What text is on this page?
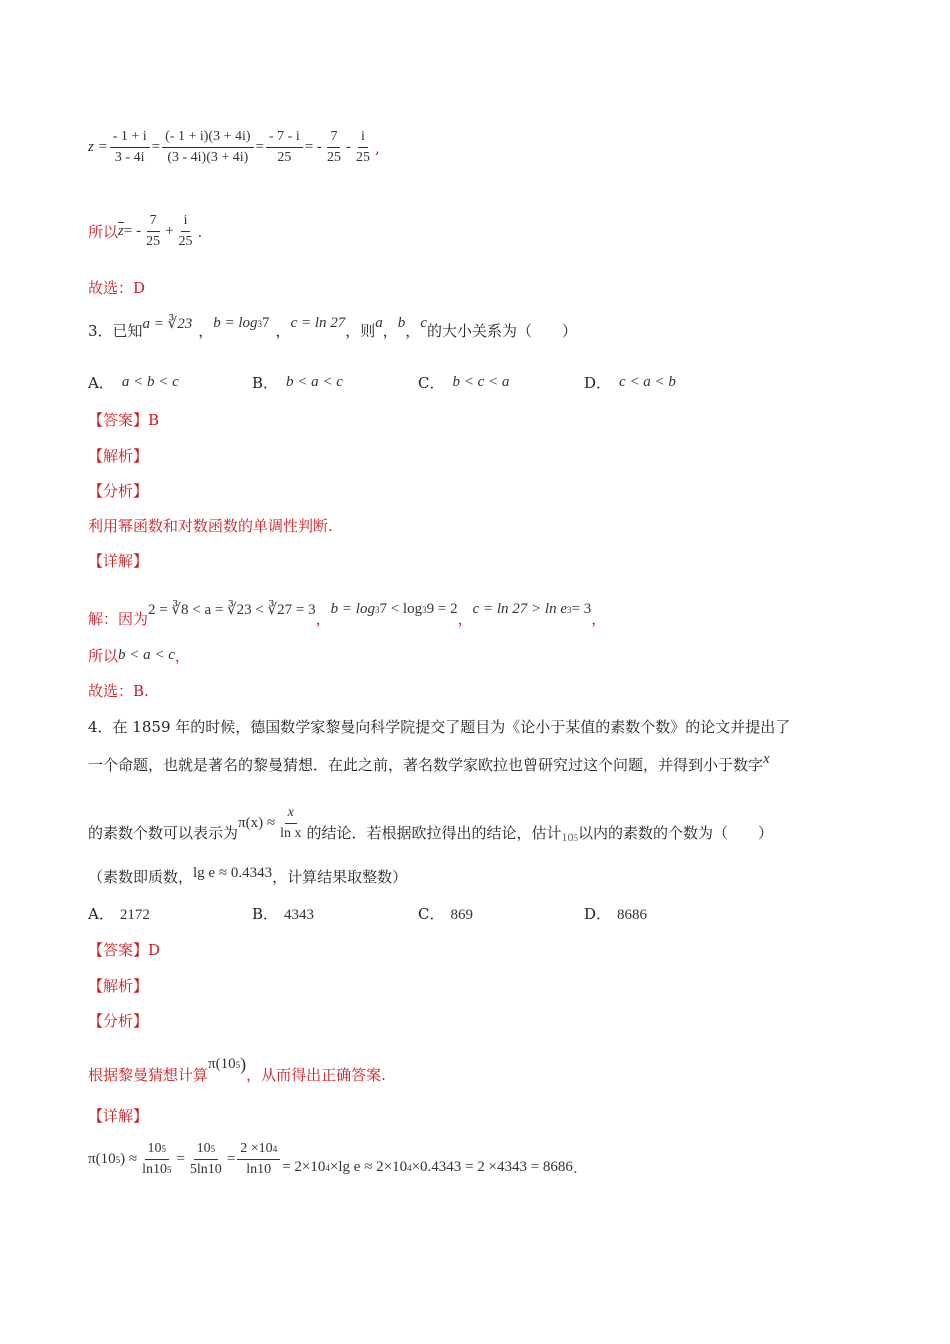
$z = \frac{- 1 + i}{3 - 4i} = \frac{(- 1 + i)(3 + 4i)}{(3 - 4i)(3 + 4i)} = \frac{- 7 - i}{25}$ = - $\frac{7}{25} - \frac{i}{25}$ ,
所以 $\overline{z}$ = - $\frac{7}{25} + \frac{i}{25}$ .
故选：D
3．已知 a = ∛23 ， b = log 3 7 ， c = ln 27 ，则 a ， b ， c 的大小关系为（　　）
A． a < b < c	B． b < a < c	C． b < c < a	D． c < a < b
【答案】B
【解析】
【分析】
利用幂函数和对数函数的单调性判断.
【详解】
解：因为 2 = ∛8 < a = ∛23 < ∛27 = 3 ，
b = log 3 7 < log 3 9 = 2
，
c = ln 27 > ln e 3 = 3
，
所以 b < a < c ，
故选：B.
4．在 1859 年的时候，德国数学家黎曼向科学院提交了题目为《论小于某值的素数个数》的论文并提出了
一个命题，也就是著名的黎曼猜想．在此之前，著名数学家欧拉也曾研究过这个问题，并得到小于数字 x
的素数个数可以表示为
$\pi(x) \approx \frac{x}{\text{ln x}}$ 的结论．若根据欧拉得出的结论，估计 10 5 以内的素数的个数为（　　）
（素数即质数， lg e ≈ 0.4343 ，计算结果取整数）
A． 2172	B． 4343	C． 869	D． 8686
【答案】D
【解析】
【分析】
根据黎曼猜想计算
π(10 5 )
，从而得出正确答案.
【详解】
π(10 5 ) ≈ $\frac{10 5}{\ln 10 5} = \frac{10 5}{5\ln 10} = \frac{2 \times 10 4}{\ln 10} = 2\times 10$ 4 ×lg e ≈ 2×10 4 ×0.4343 = 2 ×4343 = 8686 .
